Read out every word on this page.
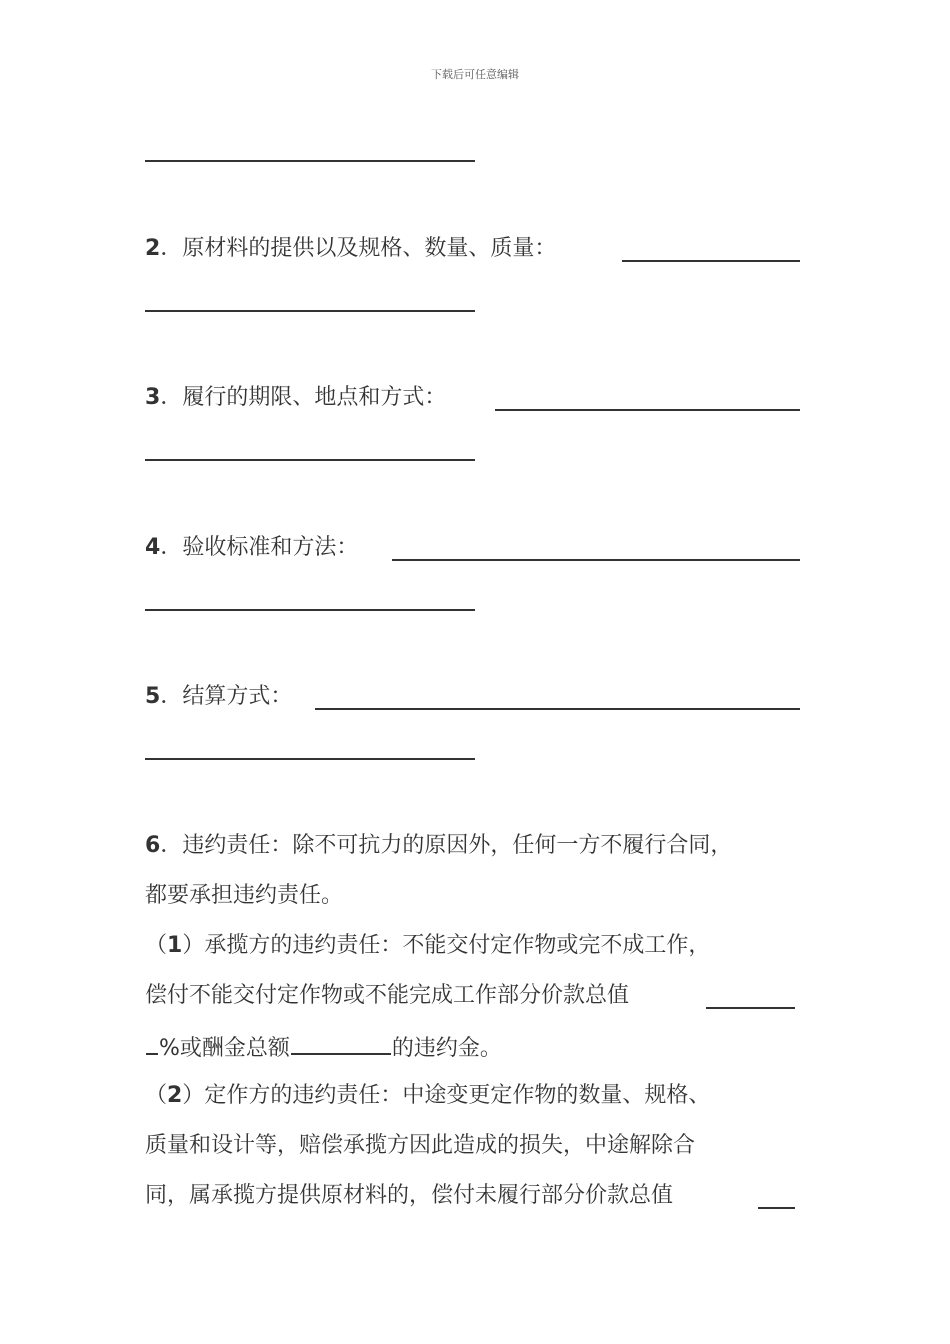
下载后可任意编辑
2．原材料的提供以及规格、数量、质量：
3．履行的期限、地点和方式：
4．验收标准和方法：
5．结算方式：
6．违约责任：除不可抗力的原因外，任何一方不履行合同，
都要承担违约责任。
（1）承揽方的违约责任：不能交付定作物或完不成工作，
偿付不能交付定作物或不能完成工作部分价款总值
%或酬金总额	的违约金。
（2）定作方的违约责任：中途变更定作物的数量、规格、
质量和设计等，赔偿承揽方因此造成的损失，中途解除合
同，属承揽方提供原材料的，偿付未履行部分价款总值
